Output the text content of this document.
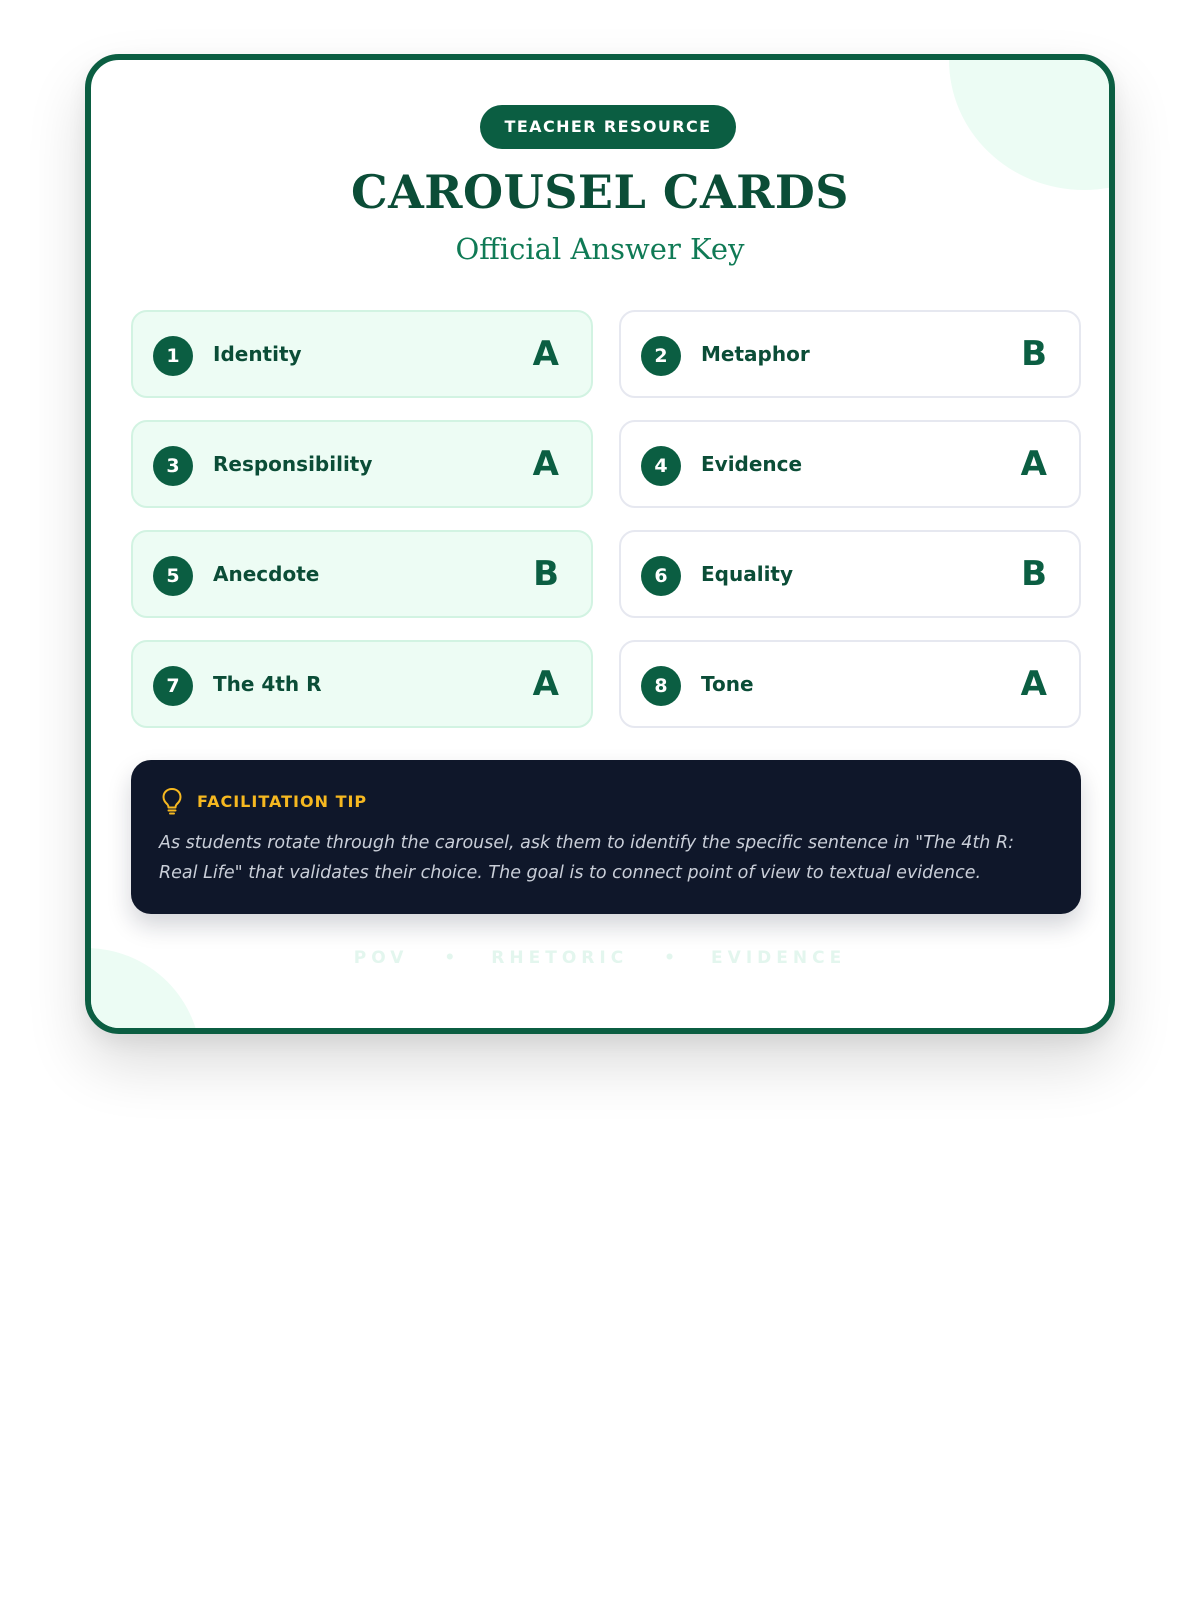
TEACHER RESOURCE
CAROUSEL CARDS
Official Answer Key
1	Identity	A	2	Metaphor	B
3	Responsibility	A	4	Evidence	A
5	Anecdote	B	6	Equality	B
7	The 4th R	A	8	Tone	A
FACILITATION TIP
As students rotate through the carousel, ask them to identify the specific sentence in "The 4th R: Real Life" that validates their choice. The goal is to connect point of view to textual evidence.
POV • RHETORIC • EVIDENCE
